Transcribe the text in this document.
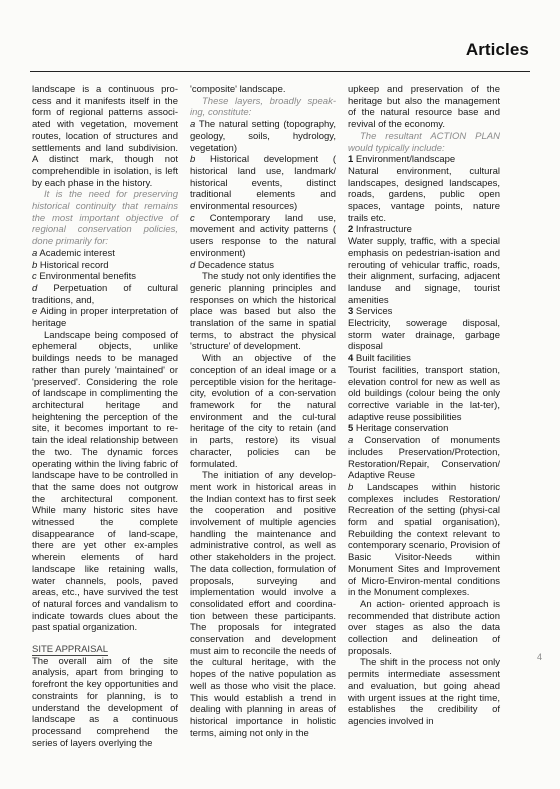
Articles

landscape is a continuous pro-cess and it manifests itself in the form of regional patterns associ-ated with vegetation, movement routes, location of structures and settlements and land subdivision. A distinct mark, though not comprehendible in isolation, is left by each phase in the history.

It is the need for preserving historical continuity that remains the most important objective of regional conservation policies, done primarily for:

a Academic interest

b Historical record

c Environmental benefits

d Perpetuation of cultural traditions, and,

e Aiding in proper interpretation of heritage

Landscape being composed of ephemeral objects, unlike buildings needs to be managed rather than purely 'maintained' or 'preserved'. Considering the role of landscape in complimenting the architectural heritage and heightening the perception of the site, it becomes important to re-tain the ideal relationship between the two. The dynamic forces operating within the living fabric of landscape have to be controlled in that the same does not outgrow the architectural component. While many historic sites have witnessed the complete disappearance of land-scape, there are yet other ex-amples wherein elements of hard landscape like retaining walls, water channels, pools, paved areas, etc., have survived the test of natural forces and vandalism to indicate towards clues about the past spatial organization.

SITE APPRAISAL

The overall aim of the site analysis, apart from bringing to forefront the key opportunities and constraints for planning, is to understand the development of landscape as a continuous processand comprehend the series of layers overlying the

'composite' landscape.

These layers, broadly speak-ing, constitute:

a The natural setting (topography, geology, soils, hydrology, vegetation)

b Historical development ( historical land use, landmark/ historical events, distinct traditional elements and environmental resources)

c Contemporary land use, movement and activity patterns ( users response to the natural environment)

d Decadence status

The study not only identifies the generic planning principles and responses on which the historical place was based but also the translation of the same in spatial terms, to abstract the physical 'structure' of development.

With an objective of the conception of an ideal image or a perceptible vision for the heritage-city, evolution of a con-servation framework for the natural environment and the cul-tural heritage of the city to retain (and in parts, restore) its visual character, policies can be formulated.

The initiation of any develop-ment work in historical areas in the Indian context has to first seek the cooperation and positive involvement of multiple agencies handling the maintenance and administrative control, as well as other stakeholders in the project. The data collection, formulation of proposals, surveying and implementation would involve a consolidated effort and coordina-tion between these participants. The proposals for integrated conservation and development must aim to reconcile the needs of the cultural heritage, with the hopes of the native population as well as those who visit the place. This would establish a trend in dealing with planning in areas of historical importance in holistic terms, aiming not only in the

upkeep and preservation of the heritage but also the management of the natural resource base and revival of the economy.

The resultant ACTION PLAN would typically include:

1 Environment/landscape

Natural environment, cultural landscapes, designed landscapes, roads, gardens, public open spaces, vantage points, nature trails etc.

2 Infrastructure

Water supply, traffic, with a special emphasis on pedestrian-isation and rerouting of vehicular traffic, roads, their alignment, surfacing, adjacent landuse and signage, tourist amenities

3 Services

Electricity, sowerage disposal, storm water drainage, garbage disposal

4 Built facilities

Tourist facilities, transport station, elevation control for new as well as old buildings (colour being the only corrective variable in the lat-ter), adaptive reuse possibilities

5 Heritage conservation

a Conservation of monuments includes Preservation/Protection, Restoration/Repair, Conservation/ Adaptive Reuse

b Landscapes within historic complexes includes Restoration/ Recreation of the setting (physi-cal form and spatial organisation), Rebuilding the context relevant to contemporary scenario, Provision of Basic Visitor-Needs within Monument Sites and Improvement of Micro-Environ-mental conditions in the Monument complexes.

An action- oriented approach is recommended that distribute action over stages as also the data collection and delineation of proposals.

The shift in the process not only permits intermediate assessment and evaluation, but going ahead with urgent issues at the right time, establishes the credibility of agencies involved in

4
